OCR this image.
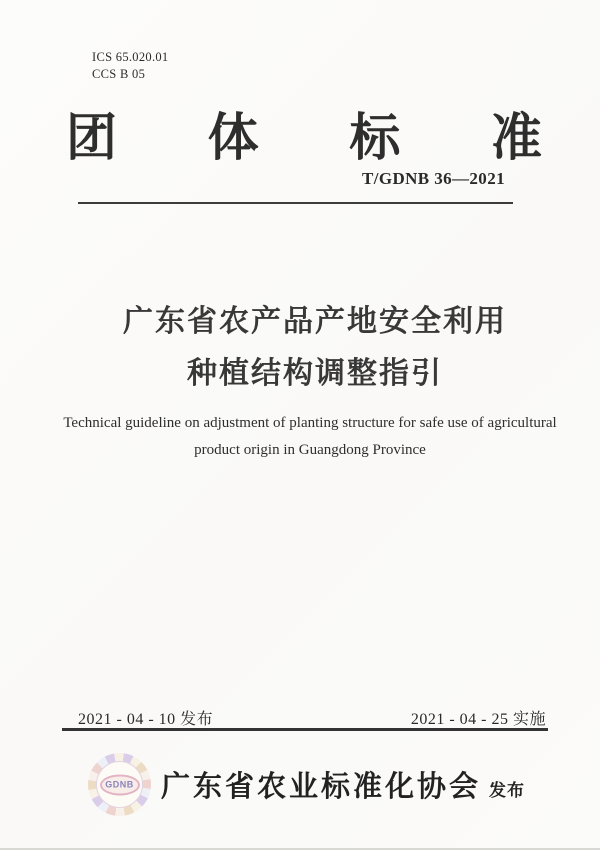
ICS 65.020.01
CCS B 05
团 体 标 准
T/GDNB 36—2021
广东省农产品产地安全利用
种植结构调整指引
Technical guideline on adjustment of planting structure for safe use of agricultural
product origin in Guangdong Province
2021 - 04 - 10 发布	2021 - 04 - 25 实施
GDNB 广东省农业标准化协会 发布
